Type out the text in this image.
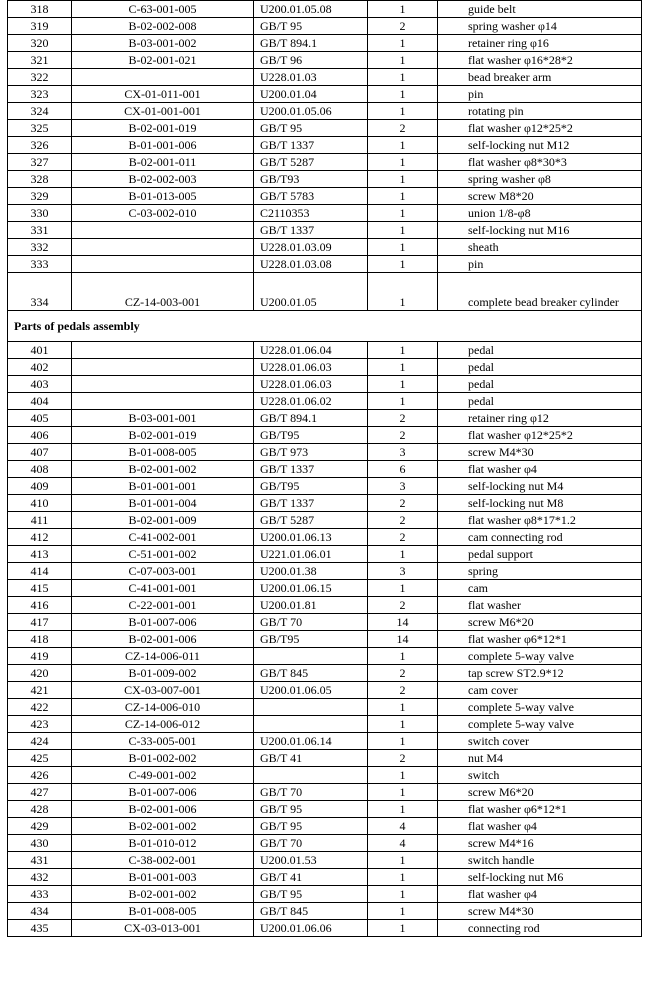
318	C-63-001-005	U200.01.05.08	1	guide belt
319	B-02-002-008	GB/T 95	2	spring washer φ14
320	B-03-001-002	GB/T 894.1	1	retainer ring φ16
321	B-02-001-021	GB/T 96	1	flat washer φ16*28*2
322		U228.01.03	1	bead breaker arm
323	CX-01-011-001	U200.01.04	1	pin
324	CX-01-001-001	U200.01.05.06	1	rotating pin
325	B-02-001-019	GB/T 95	2	flat washer φ12*25*2
326	B-01-001-006	GB/T 1337	1	self-locking nut M12
327	B-02-001-011	GB/T 5287	1	flat washer φ8*30*3
328	B-02-002-003	GB/T93	1	spring washer φ8
329	B-01-013-005	GB/T 5783	1	screw M8*20
330	C-03-002-010	C2110353	1	union 1/8-φ8
331		GB/T 1337	1	self-locking nut M16
332		U228.01.03.09	1	sheath
333		U228.01.03.08	1	pin
334	CZ-14-003-001	U200.01.05	1	complete bead breaker cylinder
Parts of pedals assembly				
401		U228.01.06.04	1	pedal
402		U228.01.06.03	1	pedal
403		U228.01.06.03	1	pedal
404		U228.01.06.02	1	pedal
405	B-03-001-001	GB/T 894.1	2	retainer ring φ12
406	B-02-001-019	GB/T95	2	flat washer φ12*25*2
407	B-01-008-005	GB/T 973	3	screw M4*30
408	B-02-001-002	GB/T 1337	6	flat washer φ4
409	B-01-001-001	GB/T95	3	self-locking nut M4
410	B-01-001-004	GB/T 1337	2	self-locking nut M8
411	B-02-001-009	GB/T 5287	2	flat washer φ8*17*1.2
412	C-41-002-001	U200.01.06.13	2	cam connecting rod
413	C-51-001-002	U221.01.06.01	1	pedal support
414	C-07-003-001	U200.01.38	3	spring
415	C-41-001-001	U200.01.06.15	1	cam
416	C-22-001-001	U200.01.81	2	flat washer
417	B-01-007-006	GB/T 70	14	screw M6*20
418	B-02-001-006	GB/T95	14	flat washer φ6*12*1
419	CZ-14-006-011		1	complete 5-way valve
420	B-01-009-002	GB/T 845	2	tap screw ST2.9*12
421	CX-03-007-001	U200.01.06.05	2	cam cover
422	CZ-14-006-010		1	complete 5-way valve
423	CZ-14-006-012		1	complete 5-way valve
424	C-33-005-001	U200.01.06.14	1	switch cover
425	B-01-002-002	GB/T 41	2	nut M4
426	C-49-001-002		1	switch
427	B-01-007-006	GB/T 70	1	screw M6*20
428	B-02-001-006	GB/T 95	1	flat washer φ6*12*1
429	B-02-001-002	GB/T 95	4	flat washer φ4
430	B-01-010-012	GB/T 70	4	screw M4*16
431	C-38-002-001	U200.01.53	1	switch handle
432	B-01-001-003	GB/T 41	1	self-locking nut M6
433	B-02-001-002	GB/T 95	1	flat washer φ4
434	B-01-008-005	GB/T 845	1	screw M4*30
435	CX-03-013-001	U200.01.06.06	1	connecting rod
